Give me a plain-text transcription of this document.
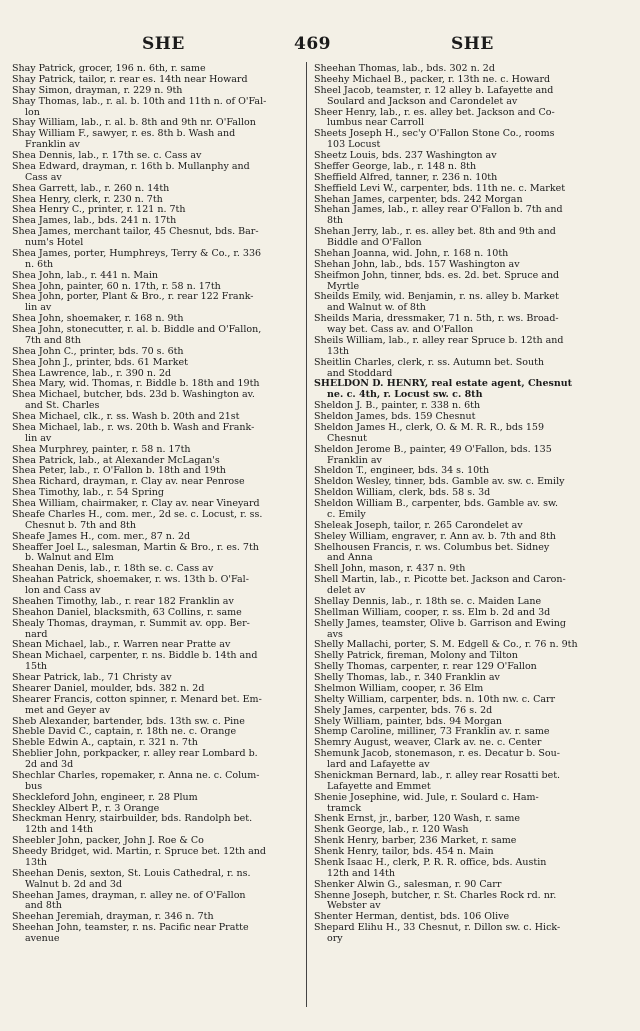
SHE	469	SHE
Shay Patrick, grocer, 196 n. 6th, r. same
Shay Patrick, tailor, r. rear es. 14th near Howard
Shay Simon, drayman, r. 229 n. 9th
Shay Thomas, lab., r. al. b. 10th and 11th n. of O'Fal-
lon
Shay William, lab., r. al. b. 8th and 9th nr. O'Fallon
Shay William F., sawyer, r. es. 8th b. Wash and
Franklin av
Shea Dennis, lab., r. 17th se. c. Cass av
Shea Edward, drayman, r. 16th b. Mullanphy and
Cass av
Shea Garrett, lab., r. 260 n. 14th
Shea Henry, clerk, r. 230 n. 7th
Shea Henry C., printer, r. 121 n. 7th
Shea James, lab., bds. 241 n. 17th
Shea James, merchant tailor, 45 Chesnut, bds. Bar-
num's Hotel
Shea James, porter, Humphreys, Terry & Co., r. 336
n. 6th
Shea John, lab., r. 441 n. Main
Shea John, painter, 60 n. 17th, r. 58 n. 17th
Shea John, porter, Plant & Bro., r. rear 122 Frank-
lin av
Shea John, shoemaker, r. 168 n. 9th
Shea John, stonecutter, r. al. b. Biddle and O'Fallon,
7th and 8th
Shea John C., printer, bds. 70 s. 6th
Shea John J., printer, bds. 61 Market
Shea Lawrence, lab., r. 390 n. 2d
Shea Mary, wid. Thomas, r. Biddle b. 18th and 19th
Shea Michael, butcher, bds. 23d b. Washington av.
and St. Charles
Shea Michael, clk., r. ss. Wash b. 20th and 21st
Shea Michael, lab., r. ws. 20th b. Wash and Frank-
lin av
Shea Murphrey, painter, r. 58 n. 17th
Shea Patrick, lab., at Alexander McLagan's
Shea Peter, lab., r. O'Fallon b. 18th and 19th
Shea Richard, drayman, r. Clay av. near Penrose
Shea Timothy, lab., r. 54 Spring
Shea William, chairmaker, r. Clay av. near Vineyard
Sheafe Charles H., com. mer., 2d se. c. Locust, r. ss.
Chesnut b. 7th and 8th
Sheafe James H., com. mer., 87 n. 2d
Sheaffer Joel L., salesman, Martin & Bro., r. es. 7th
b. Walnut and Elm
Sheahan Denis, lab., r. 18th se. c. Cass av
Sheahan Patrick, shoemaker, r. ws. 13th b. O'Fal-
lon and Cass av
Sheahen Timothy, lab., r. rear 182 Franklin av
Sheahon Daniel, blacksmith, 63 Collins, r. same
Shealy Thomas, drayman, r. Summit av. opp. Ber-
nard
Shean Michael, lab., r. Warren near Pratte av
Shean Michael, carpenter, r. ns. Biddle b. 14th and
15th
Shear Patrick, lab., 71 Christy av
Shearer Daniel, moulder, bds. 382 n. 2d
Shearer Francis, cotton spinner, r. Menard bet. Em-
met and Geyer av
Sheb Alexander, bartender, bds. 13th sw. c. Pine
Sheble David C., captain, r. 18th ne. c. Orange
Sheble Edwin A., captain, r. 321 n. 7th
Sheblier John, porkpacker, r. alley rear Lombard b.
2d and 3d
Shechlar Charles, ropemaker, r. Anna ne. c. Colum-
bus
Sheckleford John, engineer, r. 28 Plum
Sheckley Albert P., r. 3 Orange
Sheckman Henry, stairbuilder, bds. Randolph bet.
12th and 14th
Sheebler John, packer, John J. Roe & Co
Sheedy Bridget, wid. Martin, r. Spruce bet. 12th and
13th
Sheehan Denis, sexton, St. Louis Cathedral, r. ns.
Walnut b. 2d and 3d
Sheehan James, drayman, r. alley ne. of O'Fallon
and 8th
Sheehan Jeremiah, drayman, r. 346 n. 7th
Sheehan John, teamster, r. ns. Pacific near Pratte
avenue
Sheehan Thomas, lab., bds. 302 n. 2d
Sheehy Michael B., packer, r. 13th ne. c. Howard
Sheel Jacob, teamster, r. 12 alley b. Lafayette and
Soulard and Jackson and Carondelet av
Sheer Henry, lab., r. es. alley bet. Jackson and Co-
lumbus near Carroll
Sheets Joseph H., sec'y O'Fallon Stone Co., rooms
103 Locust
Sheetz Louis, bds. 237 Washington av
Sheffer George, lab., r. 148 n. 8th
Sheffield Alfred, tanner, r. 236 n. 10th
Sheffield Levi W., carpenter, bds. 11th ne. c. Market
Shehan James, carpenter, bds. 242 Morgan
Shehan James, lab., r. alley rear O'Fallon b. 7th and
8th
Shehan Jerry, lab., r. es. alley bet. 8th and 9th and
Biddle and O'Fallon
Shehan Joanna, wid. John, r. 168 n. 10th
Shehan John, lab., bds. 157 Washington av
Sheifmon John, tinner, bds. es. 2d. bet. Spruce and
Myrtle
Sheilds Emily, wid. Benjamin, r. ns. alley b. Market
and Walnut w. of 8th
Sheilds Maria, dressmaker, 71 n. 5th, r. ws. Broad-
way bet. Cass av. and O'Fallon
Sheils William, lab., r. alley rear Spruce b. 12th and
13th
Sheitlin Charles, clerk, r. ss. Autumn bet. South
and Stoddard
SHELDON D. HENRY, real estate agent, Chesnut
ne. c. 4th, r. Locust sw. c. 8th
Sheldon J. B., painter, r. 338 n. 6th
Sheldon James, bds. 159 Chesnut
Sheldon James H., clerk, O. & M. R. R., bds 159
Chesnut
Sheldon Jerome B., painter, 49 O'Fallon, bds. 135
Franklin av
Sheldon T., engineer, bds. 34 s. 10th
Sheldon Wesley, tinner, bds. Gamble av. sw. c. Emily
Sheldon William, clerk, bds. 58 s. 3d
Sheldon William B., carpenter, bds. Gamble av. sw.
c. Emily
Sheleak Joseph, tailor, r. 265 Carondelet av
Sheley William, engraver, r. Ann av. b. 7th and 8th
Shelhousen Francis, r. ws. Columbus bet. Sidney
and Anna
Shell John, mason, r. 437 n. 9th
Shell Martin, lab., r. Picotte bet. Jackson and Caron-
delet av
Shellay Dennis, lab., r. 18th se. c. Maiden Lane
Shellman William, cooper, r. ss. Elm b. 2d and 3d
Shelly James, teamster, Olive b. Garrison and Ewing
avs
Shelly Mallachi, porter, S. M. Edgell & Co., r. 76 n. 9th
Shelly Patrick, fireman, Molony and Tilton
Shelly Thomas, carpenter, r. rear 129 O'Fallon
Shelly Thomas, lab., r. 340 Franklin av
Shelmon William, cooper, r. 36 Elm
Shelty William, carpenter, bds. n. 10th nw. c. Carr
Shely James, carpenter, bds. 76 s. 2d
Shely William, painter, bds. 94 Morgan
Shemp Caroline, milliner, 73 Franklin av. r. same
Shemry August, weaver, Clark av. ne. c. Center
Shemunk Jacob, stonemason, r. es. Decatur b. Sou-
lard and Lafayette av
Shenickman Bernard, lab., r. alley rear Rosatti bet.
Lafayette and Emmet
Shenie Josephine, wid. Jule, r. Soulard c. Ham-
tramck
Shenk Ernst, jr., barber, 120 Wash, r. same
Shenk George, lab., r. 120 Wash
Shenk Henry, barber, 236 Market, r. same
Shenk Henry, tailor, bds. 454 n. Main
Shenk Isaac H., clerk, P. R. R. office, bds. Austin
12th and 14th
Shenker Alwin G., salesman, r. 90 Carr
Shenne Joseph, butcher, r. St. Charles Rock rd. nr.
Webster av
Shenter Herman, dentist, bds. 106 Olive
Shepard Elihu H., 33 Chesnut, r. Dillon sw. c. Hick-
ory
